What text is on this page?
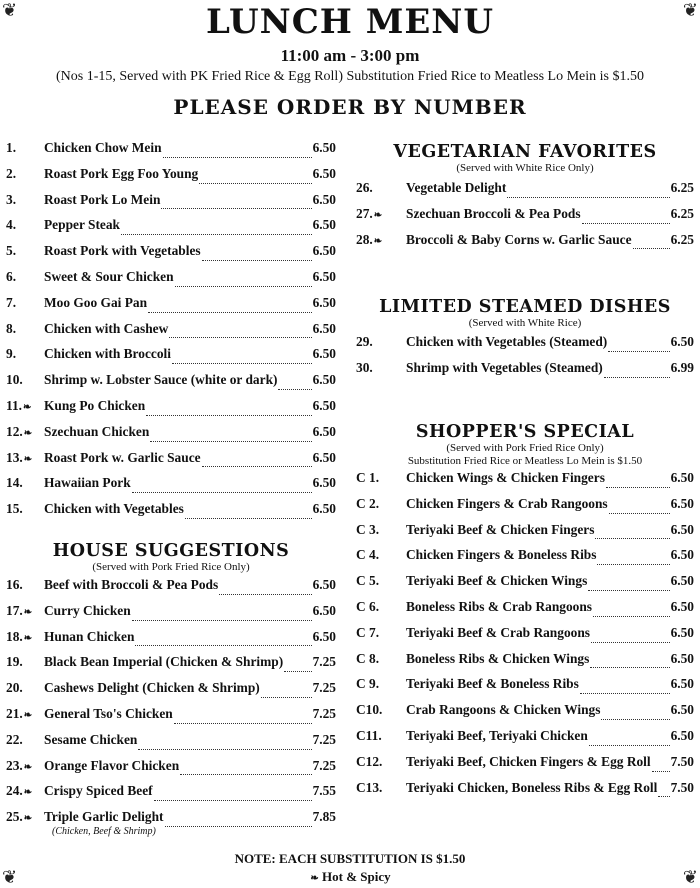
❦	❦
❦	❦
LUNCH MENU
11:00 am - 3:00 pm
(Nos 1-15, Served with PK Fried Rice & Egg Roll) Substitution Fried Rice to Meatless Lo Mein is $1.50
PLEASE ORDER BY NUMBER
1. Chicken Chow Mein	6.50
2. Roast Pork Egg Foo Young	6.50
3. Roast Pork Lo Mein	6.50
4. Pepper Steak	6.50
5. Roast Pork with Vegetables	6.50
6. Sweet & Sour Chicken	6.50
7. Moo Goo Gai Pan	6.50
8. Chicken with Cashew	6.50
9. Chicken with Broccoli	6.50
10. Shrimp w. Lobster Sauce (white or dark)	6.50
11. ❧ Kung Po Chicken	6.50
12. ❧ Szechuan Chicken	6.50
13. ❧ Roast Pork w. Garlic Sauce	6.50
14. Hawaiian Pork	6.50
15. Chicken with Vegetables	6.50
HOUSE SUGGESTIONS
(Served with Pork Fried Rice Only)
16. Beef with Broccoli & Pea Pods	6.50
17. ❧ Curry Chicken	6.50
18. ❧ Hunan Chicken	6.50
19. Black Bean Imperial (Chicken & Shrimp) 7.25
20. Cashews Delight (Chicken & Shrimp)	7.25
21. ❧ General Tso's Chicken	7.25
22. Sesame Chicken	7.25
23. ❧ Orange Flavor Chicken	7.25
24. ❧ Crispy Spiced Beef	7.55
25. ❧ Triple Garlic Delight	7.85
(Chicken, Beef & Shrimp)
VEGETARIAN FAVORITES
(Served with White Rice Only)
26. Vegetable Delight	6.25
27. ❧ Szechuan Broccoli & Pea Pods	6.25
28. ❧ Broccoli & Baby Corns w. Garlic Sauce	6.25
LIMITED STEAMED DISHES
(Served with White Rice)
29. Chicken with Vegetables (Steamed)	6.50
30. Shrimp with Vegetables (Steamed)	6.99
SHOPPER'S SPECIAL
(Served with Pork Fried Rice Only)
Substitution Fried Rice or Meatless Lo Mein is $1.50
C 1. Chicken Wings & Chicken Fingers	6.50
C 2. Chicken Fingers & Crab Rangoons	6.50
C 3. Teriyaki Beef & Chicken Fingers	6.50
C 4. Chicken Fingers & Boneless Ribs	6.50
C 5. Teriyaki Beef & Chicken Wings	6.50
C 6. Boneless Ribs & Crab Rangoons	6.50
C 7. Teriyaki Beef & Crab Rangoons	6.50
C 8. Boneless Ribs & Chicken Wings	6.50
C 9. Teriyaki Beef & Boneless Ribs	6.50
C10. Crab Rangoons & Chicken Wings	6.50
C11. Teriyaki Beef, Teriyaki Chicken	6.50
C12. Teriyaki Beef, Chicken Fingers & Egg Roll 7.50
C13. Teriyaki Chicken, Boneless Ribs & Egg Roll 7.50
NOTE: EACH SUBSTITUTION IS $1.50
❧ Hot & Spicy
